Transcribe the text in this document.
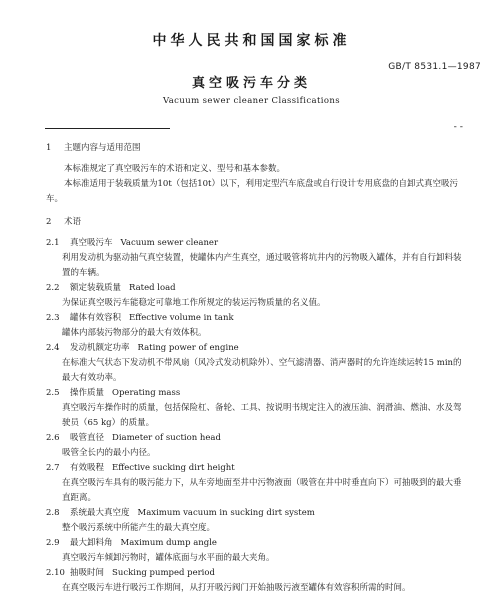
中华人民共和国国家标准
GB/T 8531.1—1987
真空吸污车分类
Vacuum sewer cleaner Classifications
- -

1 主题内容与适用范围

本标准规定了真空吸污车的术语和定义、型号和基本参数。

本标准适用于装载质量为10t（包括10t）以下，利用定型汽车底盘或自行设计专用底盘的自卸式真空吸污车。

2 术语

2.1 真空吸污车 Vacuum sewer cleaner
利用发动机为驱动抽气真空装置，使罐体内产生真空，通过吸管将坑井内的污物吸入罐体，并有自行卸料装置的车辆。
2.2 额定装载质量 Rated load
为保证真空吸污车能稳定可靠地工作所规定的装运污物质量的名义值。
2.3 罐体有效容积 Effective volume in tank
罐体内部装污物部分的最大有效体积。
2.4 发动机额定功率 Rating power of engine
在标准大气状态下发动机不带风扇（风冷式发动机除外）、空气滤清器、消声器时的允许连续运转15 min的最大有效功率。
2.5 操作质量 Operating mass
真空吸污车操作时的质量，包括保险杠、备轮、工具、按说明书规定注入的液压油、润滑油、燃油、水及驾驶员（65 kg）的质量。
2.6 吸管直径 Diameter of suction head
吸管全长内的最小内径。
2.7 有效吸程 Effective sucking dirt height
在真空吸污车具有的吸污能力下，从车旁地面至井中污物液面（吸管在井中时垂直向下）可抽吸到的最大垂直距离。
2.8 系统最大真空度 Maximum vacuum in sucking dirt system
整个吸污系统中所能产生的最大真空度。
2.9 最大卸料角 Maximum dump angle
真空吸污车倾卸污物时，罐体底面与水平面的最大夹角。
2.10 抽吸时间 Sucking pumped period
在真空吸污车进行吸污工作期间，从打开吸污阀门开始抽吸污液至罐体有效容积所需的时间。
